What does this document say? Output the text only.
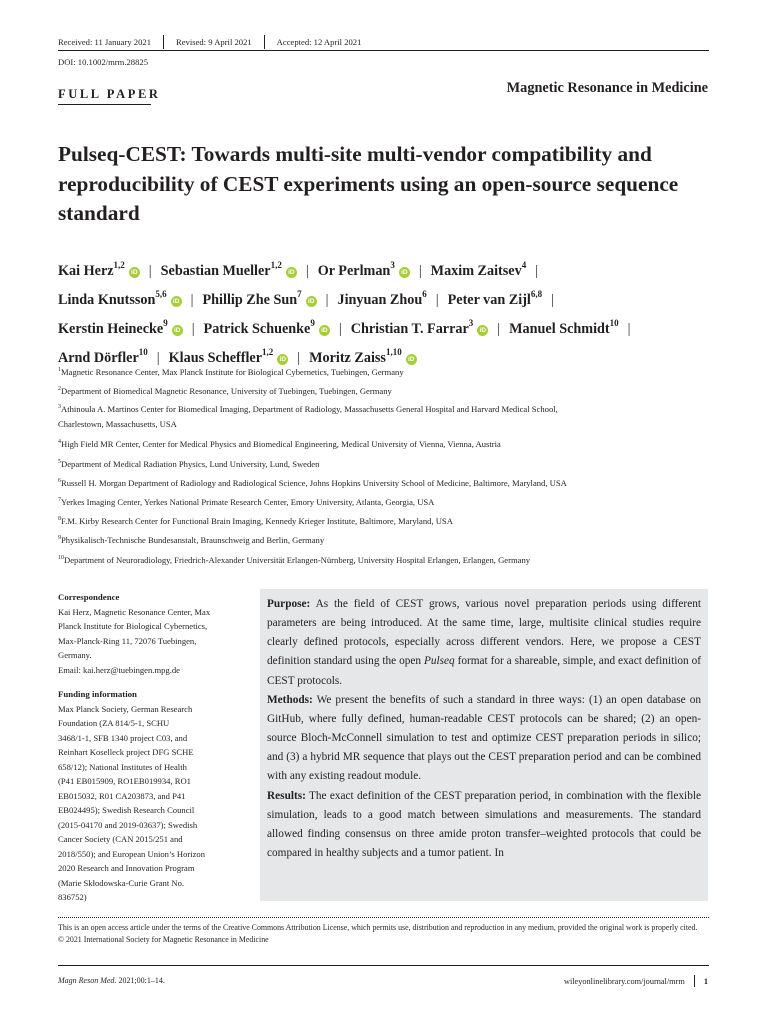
Received: 11 January 2021	Revised: 9 April 2021	Accepted: 12 April 2021
DOI: 10.1002/mrm.28825
FULL PAPER	Magnetic Resonance in Medicine
Pulseq-CEST: Towards multi-site multi-vendor compatibility and reproducibility of CEST experiments using an open-source sequence standard
Kai Herz$^{1,2}$iD | Sebastian Mueller$^{1,2}$iD | Or Perlman$^3$iD | Maxim Zaitsev$^4$ |
Linda Knutsson$^{5,6}$iD | Phillip Zhe Sun$^7$iD | Jinyuan Zhou$^6$ | Peter van Zijl$^{6,8}$ |
Kerstin Heinecke$^9$iD | Patrick Schuenke$^9$iD | Christian T. Farrar$^3$iD | Manuel Schmidt$^{10}$ |
Arnd Dörfler$^{10}$ | Klaus Scheffler$^{1,2}$iD | Moritz Zaiss$^{1,10}$iD
$^1$Magnetic Resonance Center, Max Planck Institute for Biological Cybernetics, Tuebingen, Germany
$^2$Department of Biomedical Magnetic Resonance, University of Tuebingen, Tuebingen, Germany
$^3$Athinoula A. Martinos Center for Biomedical Imaging, Department of Radiology, Massachusetts General Hospital and Harvard Medical School,
Charlestown, Massachusetts, USA
$^4$High Field MR Center, Center for Medical Physics and Biomedical Engineering, Medical University of Vienna, Vienna, Austria
$^5$Department of Medical Radiation Physics, Lund University, Lund, Sweden
$^6$Russell H. Morgan Department of Radiology and Radiological Science, Johns Hopkins University School of Medicine, Baltimore, Maryland, USA
$^7$Yerkes Imaging Center, Yerkes National Primate Research Center, Emory University, Atlanta, Georgia, USA
$^8$F.M. Kirby Research Center for Functional Brain Imaging, Kennedy Krieger Institute, Baltimore, Maryland, USA
$^9$Physikalisch-Technische Bundesanstalt, Braunschweig and Berlin, Germany
$^{10}$Department of Neuroradiology, Friedrich-Alexander Universität Erlangen-Nürnberg, University Hospital Erlangen, Erlangen, Germany
Correspondence

Kai Herz, Magnetic Resonance Center, Max
Planck Institute for Biological Cybernetics,
Max-Planck-Ring 11, 72076 Tuebingen,
Germany.
Email: kai.herz@tuebingen.mpg.de

Funding information

Max Planck Society, German Research
Foundation (ZA 814/5-1, SCHU
3468/1-1, SFB 1340 project C03, and
Reinhart Koselleck project DFG SCHE
658/12); National Institutes of Health
(P41 EB015909, RO1EB019934, RO1
EB015032, R01 CA203873, and P41
EB024495); Swedish Research Council
(2015-04170 and 2019-03637); Swedish
Cancer Society (CAN 2015/251 and
2018/550); and European Union’s Horizon
2020 Research and Innovation Program
(Marie Skłodowska-Curie Grant No.
836752)

Purpose: As the field of CEST grows, various novel preparation periods using different parameters are being introduced. At the same time, large, multisite clinical studies require clearly defined protocols, especially across different vendors. Here, we propose a CEST definition standard using the open Pulseq format for a shareable, simple, and exact definition of CEST protocols.

Methods: We present the benefits of such a standard in three ways: (1) an open database on GitHub, where fully defined, human-readable CEST protocols can be shared; (2) an open-source Bloch-McConnell simulation to test and optimize CEST preparation periods in silico; and (3) a hybrid MR sequence that plays out the CEST preparation period and can be combined with any existing readout module.

Results: The exact definition of the CEST preparation period, in combination with the flexible simulation, leads to a good match between simulations and measurements. The standard allowed finding consensus on three amide proton transfer–weighted protocols that could be compared in healthy subjects and a tumor patient. In

This is an open access article under the terms of the Creative Commons Attribution License, which permits use, distribution and reproduction in any medium, provided the original work is properly cited.
© 2021 International Society for Magnetic Resonance in Medicine
Magn Reson Med. 2021;00:1–14.	wileyonlinelibrary.com/journal/mrm 1
